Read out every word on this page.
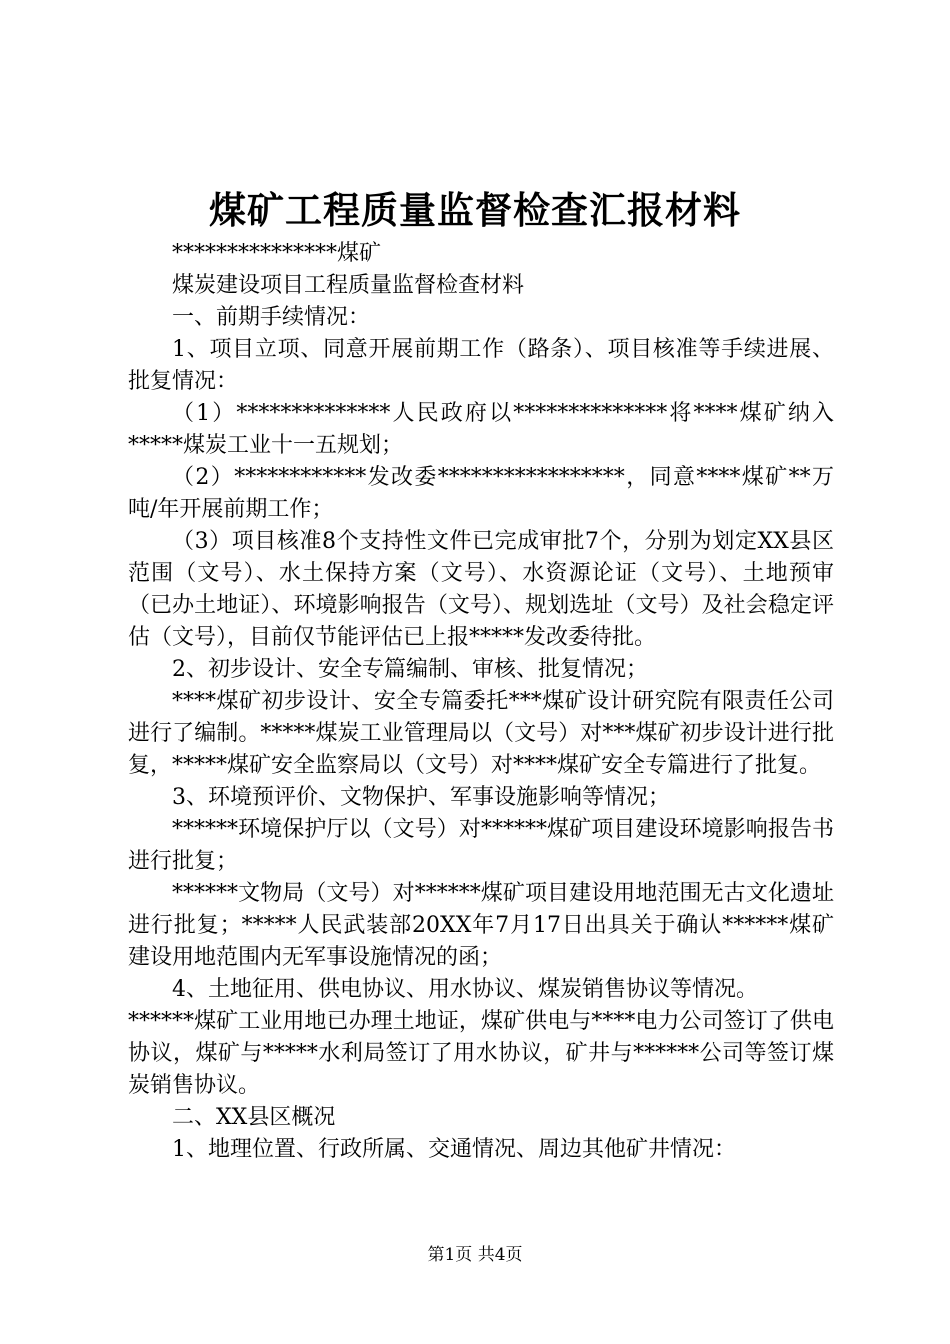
煤矿工程质量监督检查汇报材料

***************煤矿

煤炭建设项目工程质量监督检查材料

一、前期手续情况：

1、项目立项、同意开展前期工作（路条）、项目核准等手续进展、批复情况：

（1）**************人民政府以**************将****煤矿纳入*****煤炭工业十一五规划；

（2）************发改委*****************，同意****煤矿**万吨/年开展前期工作；

（3）项目核准8个支持性文件已完成审批7个，分别为划定XX县区范围（文号）、水土保持方案（文号）、水资源论证（文号）、土地预审（已办土地证）、环境影响报告（文号）、规划选址（文号）及社会稳定评估（文号），目前仅节能评估已上报*****发改委待批。

2、初步设计、安全专篇编制、审核、批复情况；

****煤矿初步设计、安全专篇委托***煤矿设计研究院有限责任公司进行了编制。*****煤炭工业管理局以（文号）对***煤矿初步设计进行批复，*****煤矿安全监察局以（文号）对****煤矿安全专篇进行了批复。

3、环境预评价、文物保护、军事设施影响等情况；

******环境保护厅以（文号）对******煤矿项目建设环境影响报告书进行批复；

******文物局（文号）对******煤矿项目建设用地范围无古文化遗址进行批复；*****人民武装部20XX年7月17日出具关于确认******煤矿建设用地范围内无军事设施情况的函；

4、土地征用、供电协议、用水协议、煤炭销售协议等情况。

******煤矿工业用地已办理土地证，煤矿供电与****电力公司签订了供电协议，煤矿与*****水利局签订了用水协议，矿井与******公司等签订煤炭销售协议。

二、XX县区概况

1、地理位置、行政所属、交通情况、周边其他矿井情况：

第1页 共4页
